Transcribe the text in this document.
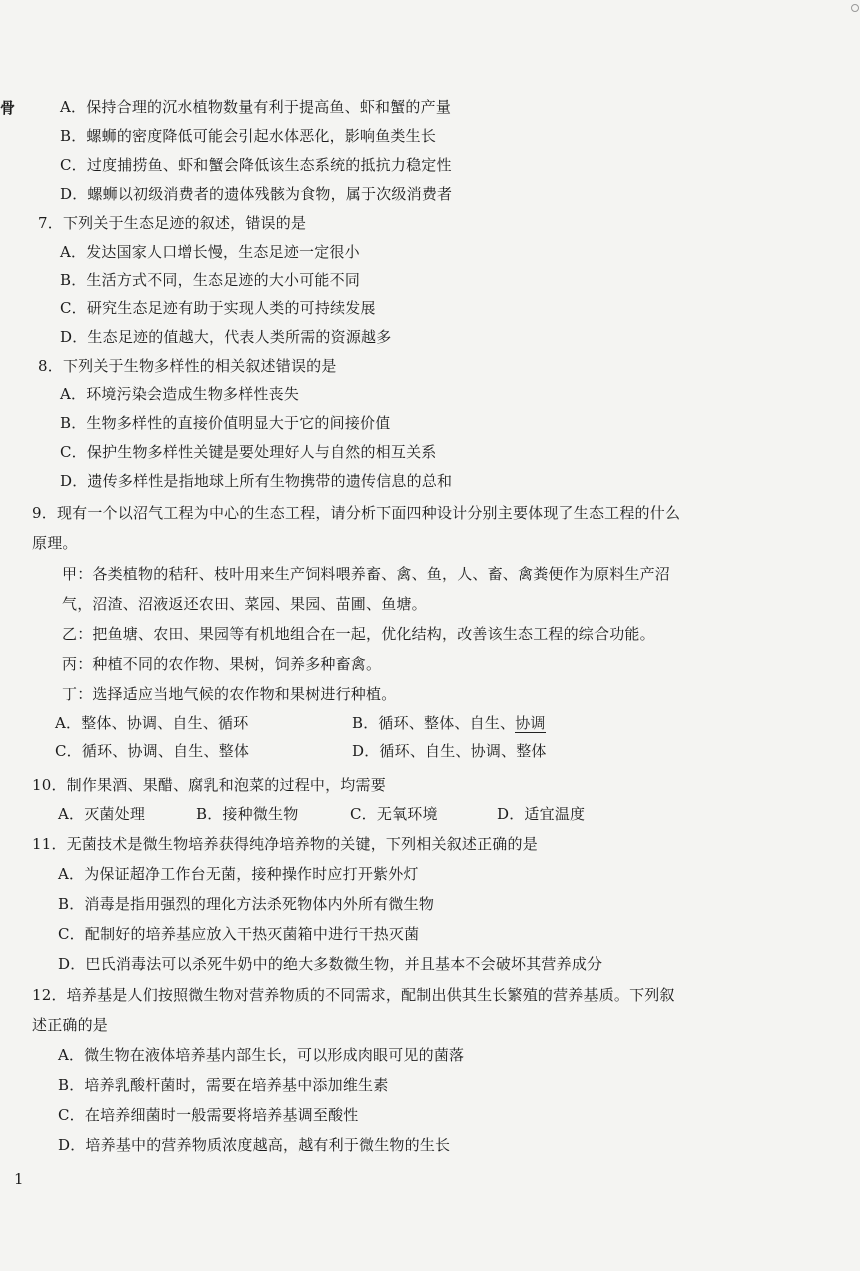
骨	A．保持合理的沉水植物数量有利于提高鱼、虾和蟹的产量
B．螺蛳的密度降低可能会引起水体恶化，影响鱼类生长
C．过度捕捞鱼、虾和蟹会降低该生态系统的抵抗力稳定性
D．螺蛳以初级消费者的遗体残骸为食物，属于次级消费者
7．下列关于生态足迹的叙述，错误的是
A．发达国家人口增长慢，生态足迹一定很小
B．生活方式不同，生态足迹的大小可能不同
C．研究生态足迹有助于实现人类的可持续发展
D．生态足迹的值越大，代表人类所需的资源越多
8．下列关于生物多样性的相关叙述错误的是
A．环境污染会造成生物多样性丧失
B．生物多样性的直接价值明显大于它的间接价值
C．保护生物多样性关键是要处理好人与自然的相互关系
D．遗传多样性是指地球上所有生物携带的遗传信息的总和
9．现有一个以沼气工程为中心的生态工程，请分析下面四种设计分别主要体现了生态工程的什么
原理。
甲：各类植物的秸秆、枝叶用来生产饲料喂养畜、禽、鱼，人、畜、禽粪便作为原料生产沼
气，沼渣、沼液返还农田、菜园、果园、苗圃、鱼塘。
乙：把鱼塘、农田、果园等有机地组合在一起，优化结构，改善该生态工程的综合功能。
丙：种植不同的农作物、果树，饲养多种畜禽。
丁：选择适应当地气候的农作物和果树进行种植。
A．整体、协调、自生、循环	B．循环、整体、自生、协调
C．循环、协调、自生、整体	D．循环、自生、协调、整体
10．制作果酒、果醋、腐乳和泡菜的过程中，均需要
A．灭菌处理	B．接种微生物	C．无氧环境	D．适宜温度
11．无菌技术是微生物培养获得纯净培养物的关键，下列相关叙述正确的是
A．为保证超净工作台无菌，接种操作时应打开紫外灯
B．消毒是指用强烈的理化方法杀死物体内外所有微生物
C．配制好的培养基应放入干热灭菌箱中进行干热灭菌
D．巴氏消毒法可以杀死牛奶中的绝大多数微生物，并且基本不会破坏其营养成分
12．培养基是人们按照微生物对营养物质的不同需求，配制出供其生长繁殖的营养基质。下列叙
述正确的是
A．微生物在液体培养基内部生长，可以形成肉眼可见的菌落
B．培养乳酸杆菌时，需要在培养基中添加维生素
C．在培养细菌时一般需要将培养基调至酸性
D．培养基中的营养物质浓度越高，越有利于微生物的生长
1
